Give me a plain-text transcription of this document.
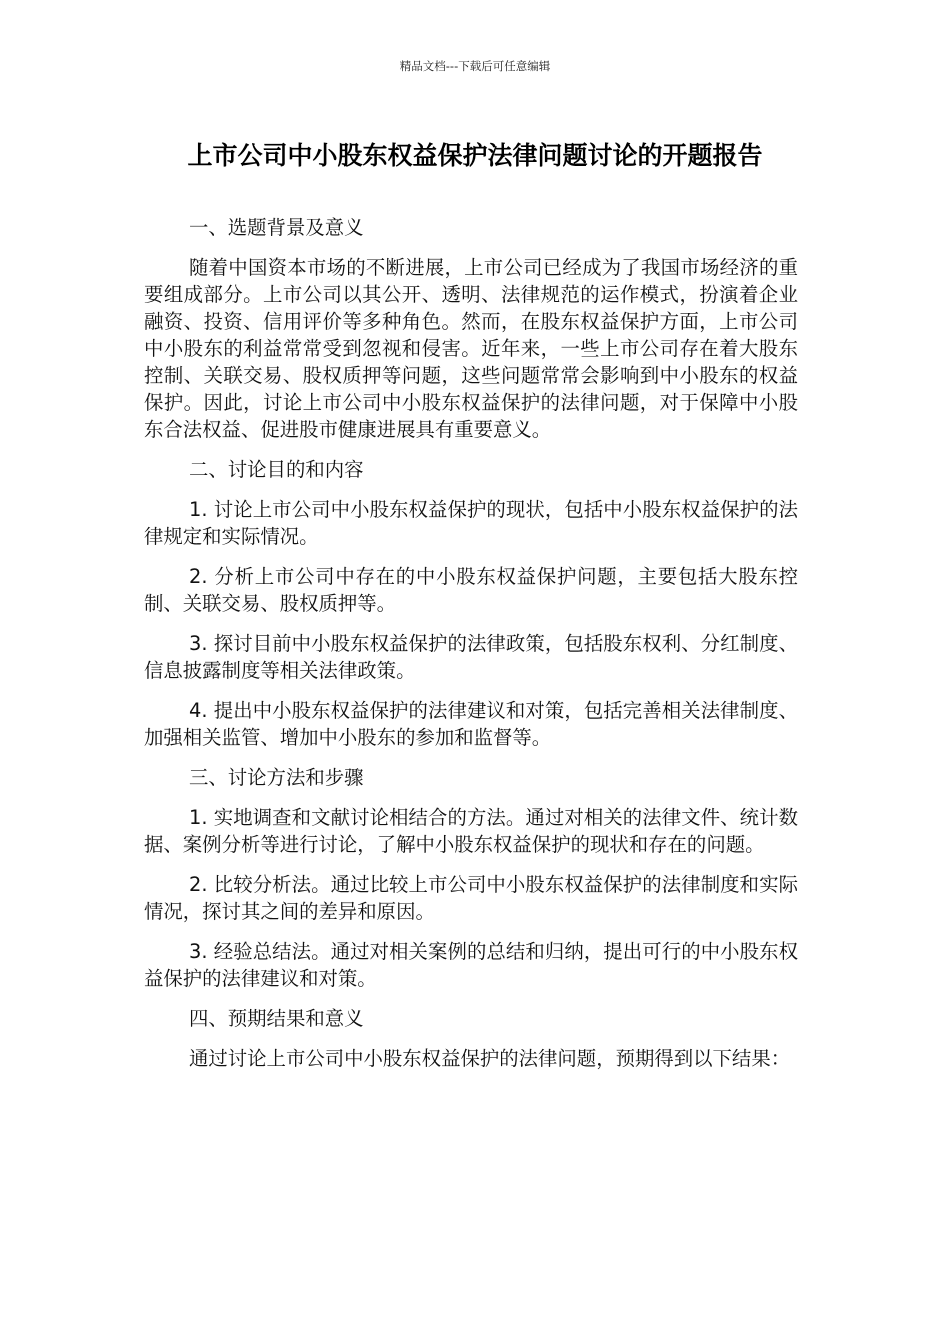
精品文档---下载后可任意编辑
上市公司中小股东权益保护法律问题讨论的开题报告

一、选题背景及意义

随着中国资本市场的不断进展，上市公司已经成为了我国市场经济的重要组成部分。上市公司以其公开、透明、法律规范的运作模式，扮演着企业融资、投资、信用评价等多种角色。然而，在股东权益保护方面，上市公司中小股东的利益常常受到忽视和侵害。近年来，一些上市公司存在着大股东控制、关联交易、股权质押等问题，这些问题常常会影响到中小股东的权益保护。因此，讨论上市公司中小股东权益保护的法律问题，对于保障中小股东合法权益、促进股市健康进展具有重要意义。

二、讨论目的和内容

1. 讨论上市公司中小股东权益保护的现状，包括中小股东权益保护的法律规定和实际情况。

2. 分析上市公司中存在的中小股东权益保护问题，主要包括大股东控制、关联交易、股权质押等。

3. 探讨目前中小股东权益保护的法律政策，包括股东权利、分红制度、信息披露制度等相关法律政策。

4. 提出中小股东权益保护的法律建议和对策，包括完善相关法律制度、加强相关监管、增加中小股东的参加和监督等。

三、讨论方法和步骤

1. 实地调查和文献讨论相结合的方法。通过对相关的法律文件、统计数据、案例分析等进行讨论，了解中小股东权益保护的现状和存在的问题。

2. 比较分析法。通过比较上市公司中小股东权益保护的法律制度和实际情况，探讨其之间的差异和原因。

3. 经验总结法。通过对相关案例的总结和归纳，提出可行的中小股东权益保护的法律建议和对策。

四、预期结果和意义

通过讨论上市公司中小股东权益保护的法律问题，预期得到以下结果：
